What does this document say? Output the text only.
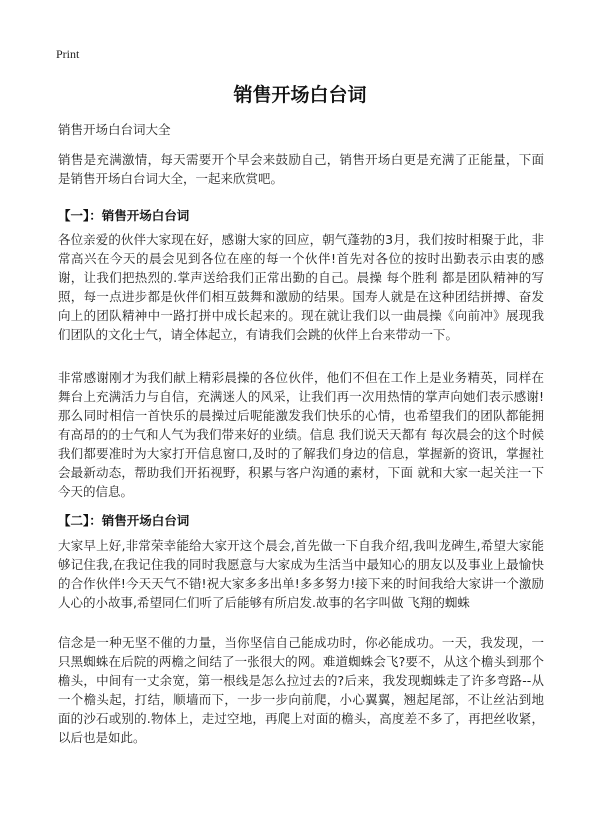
Print
销售开场白台词

销售开场白台词大全

销售是充满激情，每天需要开个早会来鼓励自己，销售开场白更是充满了正能量，下面是销售开场白台词大全，一起来欣赏吧。

【一】：销售开场白台词

各位亲爱的伙伴大家现在好，感谢大家的回应，朝气蓬勃的3月，我们按时相聚于此，非常高兴在今天的晨会见到各位在座的每一个伙伴!首先对各位的按时出勤表示由衷的感谢，让我们把热烈的.掌声送给我们正常出勤的自己。晨操 每个胜利 都是团队精神的写照，每一点进步都是伙伴们相互鼓舞和激励的结果。国寿人就是在这种团结拼搏、奋发向上的团队精神中一路打拼中成长起来的。现在就让我们以一曲晨操《向前冲》展现我们团队的文化士气，请全体起立，有请我们会跳的伙伴上台来带动一下。

非常感谢刚才为我们献上精彩晨操的各位伙伴，他们不但在工作上是业务精英，同样在舞台上充满活力与自信，充满迷人的风采，让我们再一次用热情的掌声向她们表示感谢!那么同时相信一首快乐的晨操过后呢能激发我们快乐的心情，也希望我们的团队都能拥有高昂的的士气和人气为我们带来好的业绩。信息 我们说天天都有 每次晨会的这个时候我们都要准时为大家打开信息窗口,及时的了解我们身边的信息，掌握新的资讯，掌握社会最新动态，帮助我们开拓视野，积累与客户沟通的素材，下面 就和大家一起关注一下今天的信息。

【二】：销售开场白台词

大家早上好,非常荣幸能给大家开这个晨会,首先做一下自我介绍,我叫龙碑生,希望大家能够记住我,在我记住我的同时我愿意与大家成为生活当中最知心的朋友以及事业上最愉快的合作伙伴!今天天气不错!祝大家多多出单!多多努力!接下来的时间我给大家讲一个激励人心的小故事,希望同仁们听了后能够有所启发.故事的名字叫做 飞翔的蜘蛛

信念是一种无坚不催的力量，当你坚信自己能成功时，你必能成功。一天，我发现，一只黑蜘蛛在后院的两檐之间结了一张很大的网。难道蜘蛛会飞?要不，从这个檐头到那个檐头，中间有一丈余宽，第一根线是怎么拉过去的?后来，我发现蜘蛛走了许多弯路--从一个檐头起，打结，顺墙而下，一步一步向前爬，小心翼翼，翘起尾部，不让丝沾到地面的沙石或别的.物体上，走过空地，再爬上对面的檐头，高度差不多了，再把丝收紧，以后也是如此。
